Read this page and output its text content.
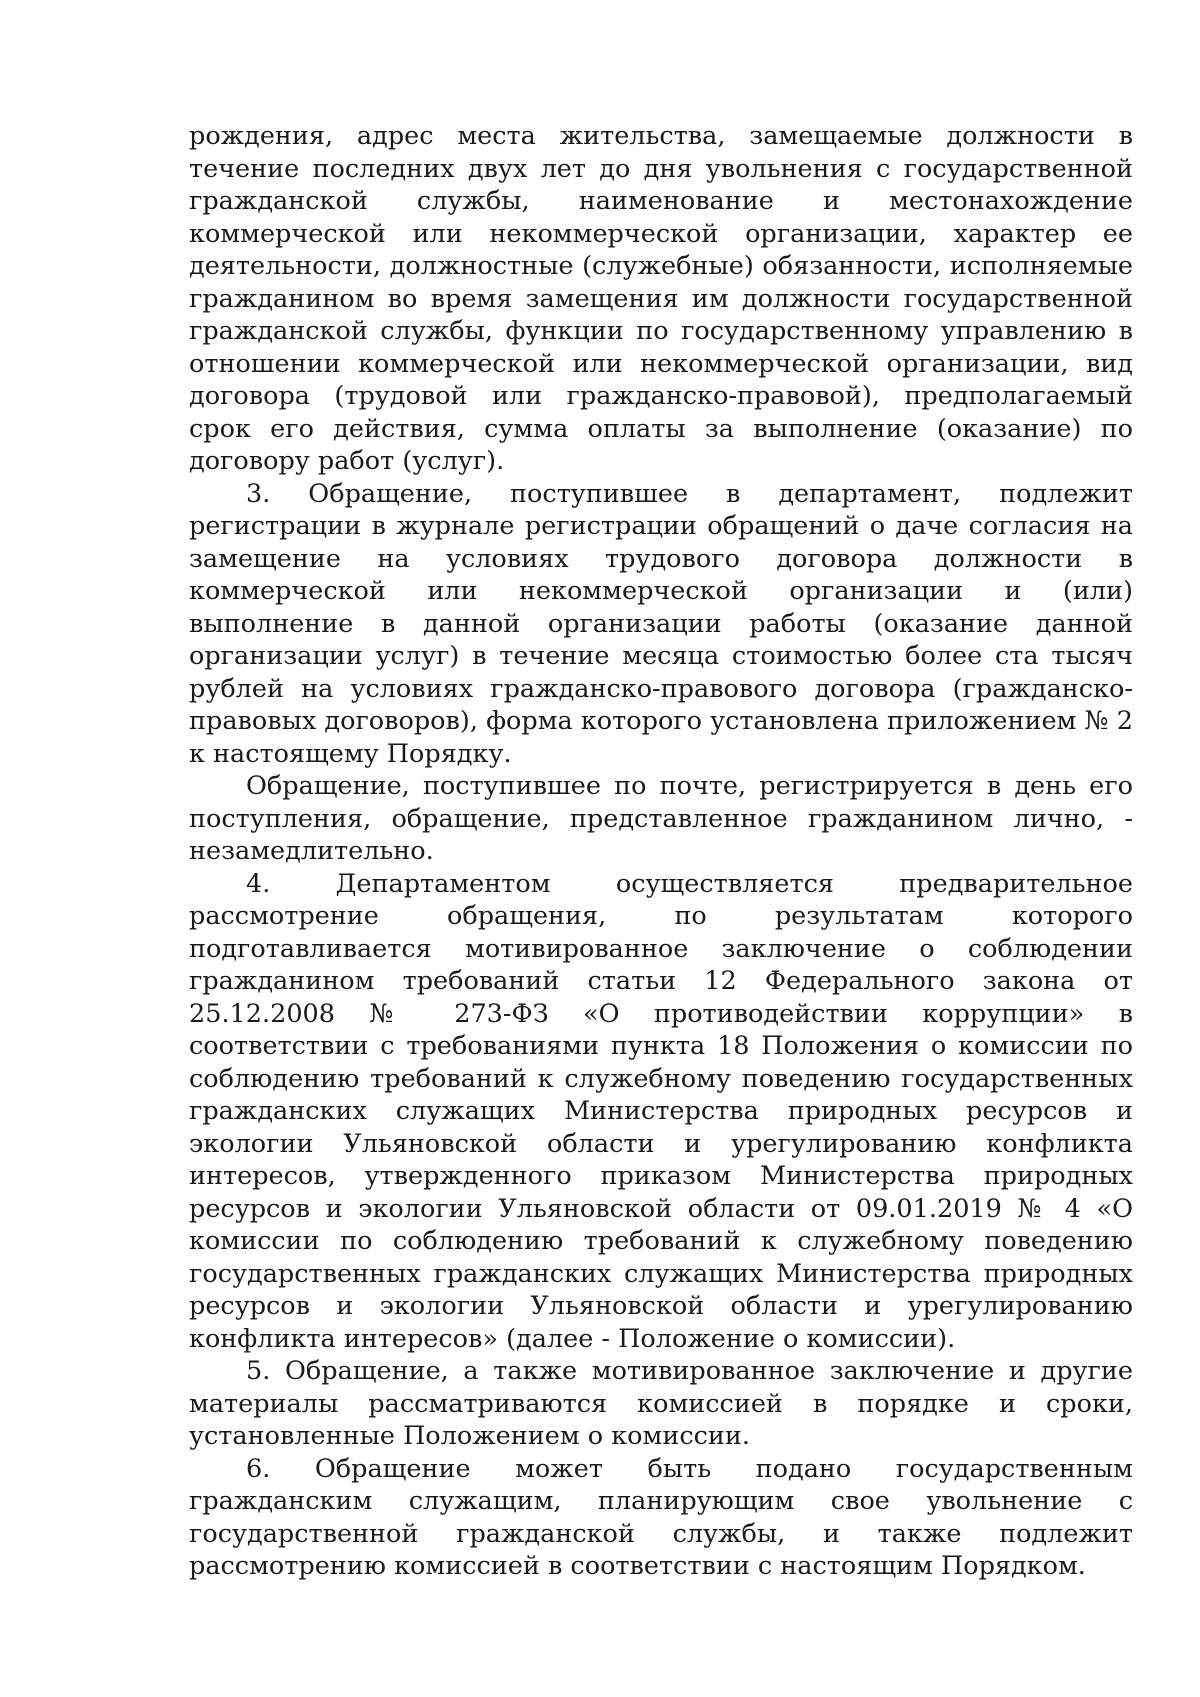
рождения, адрес места жительства, замещаемые должности в течение последних двух лет до дня увольнения с государственной гражданской службы, наименование и местонахождение коммерческой или некоммерческой организации, характер ее деятельности, должностные (служебные) обязанности, исполняемые гражданином во время замещения им должности государственной гражданской службы, функции по государственному управлению в отношении коммерческой или некоммерческой организации, вид договора (трудовой или гражданско-правовой), предполагаемый срок его действия, сумма оплаты за выполнение (оказание) по договору работ (услуг).

3. Обращение, поступившее в департамент, подлежит регистрации в журнале регистрации обращений о даче согласия на замещение на условиях трудового договора должности в коммерческой или некоммерческой организации и (или) выполнение в данной организации работы (оказание данной организации услуг) в течение месяца стоимостью более ста тысяч рублей на условиях гражданско-правового договора (гражданско-правовых договоров), форма которого установлена приложением № 2 к настоящему Порядку.

Обращение, поступившее по почте, регистрируется в день его поступления, обращение, представленное гражданином лично, - незамедлительно.

4. Департаментом осуществляется предварительное рассмотрение обращения, по результатам которого подготавливается мотивированное заключение о соблюдении гражданином требований статьи 12 Федерального закона от 25.12.2008 № 273-ФЗ «О противодействии коррупции» в соответствии с требованиями пункта 18 Положения о комиссии по соблюдению требований к служебному поведению государственных гражданских служащих Министерства природных ресурсов и экологии Ульяновской области и урегулированию конфликта интересов, утвержденного приказом Министерства природных ресурсов и экологии Ульяновской области от 09.01.2019 № 4 «О комиссии по соблюдению требований к служебному поведению государственных гражданских служащих Министерства природных ресурсов и экологии Ульяновской области и урегулированию конфликта интересов» (далее - Положение о комиссии).

5. Обращение, а также мотивированное заключение и другие материалы рассматриваются комиссией в порядке и сроки, установленные Положением о комиссии.

6. Обращение может быть подано государственным гражданским служащим, планирующим свое увольнение с государственной гражданской службы, и также подлежит рассмотрению комиссией в соответствии с настоящим Порядком.
